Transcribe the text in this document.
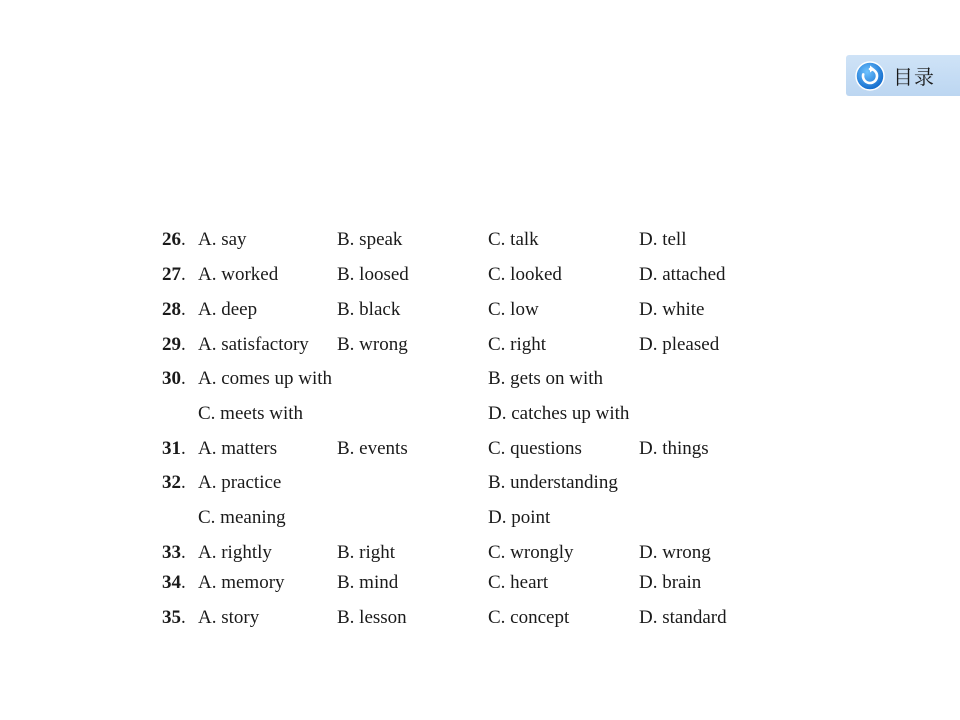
目录
26. A. say	B. speak	C. talk	D. tell
27. A. worked	B. loosed	C. looked	D. attached
28. A. deep	B. black	C. low	D. white
29. A. satisfactory B. wrong	C. right	D. pleased
30. A. comes up with	B. gets on with
C. meets with	D. catches up with
31. A. matters	B. events	C. questions	D. things
32. A. practice	B. understanding
C. meaning	D. point
33. A. rightly	B. right	C. wrongly	D. wrong
34. A. memory	B. mind	C. heart	D. brain
35. A. story	B. lesson	C. concept	D. standard
